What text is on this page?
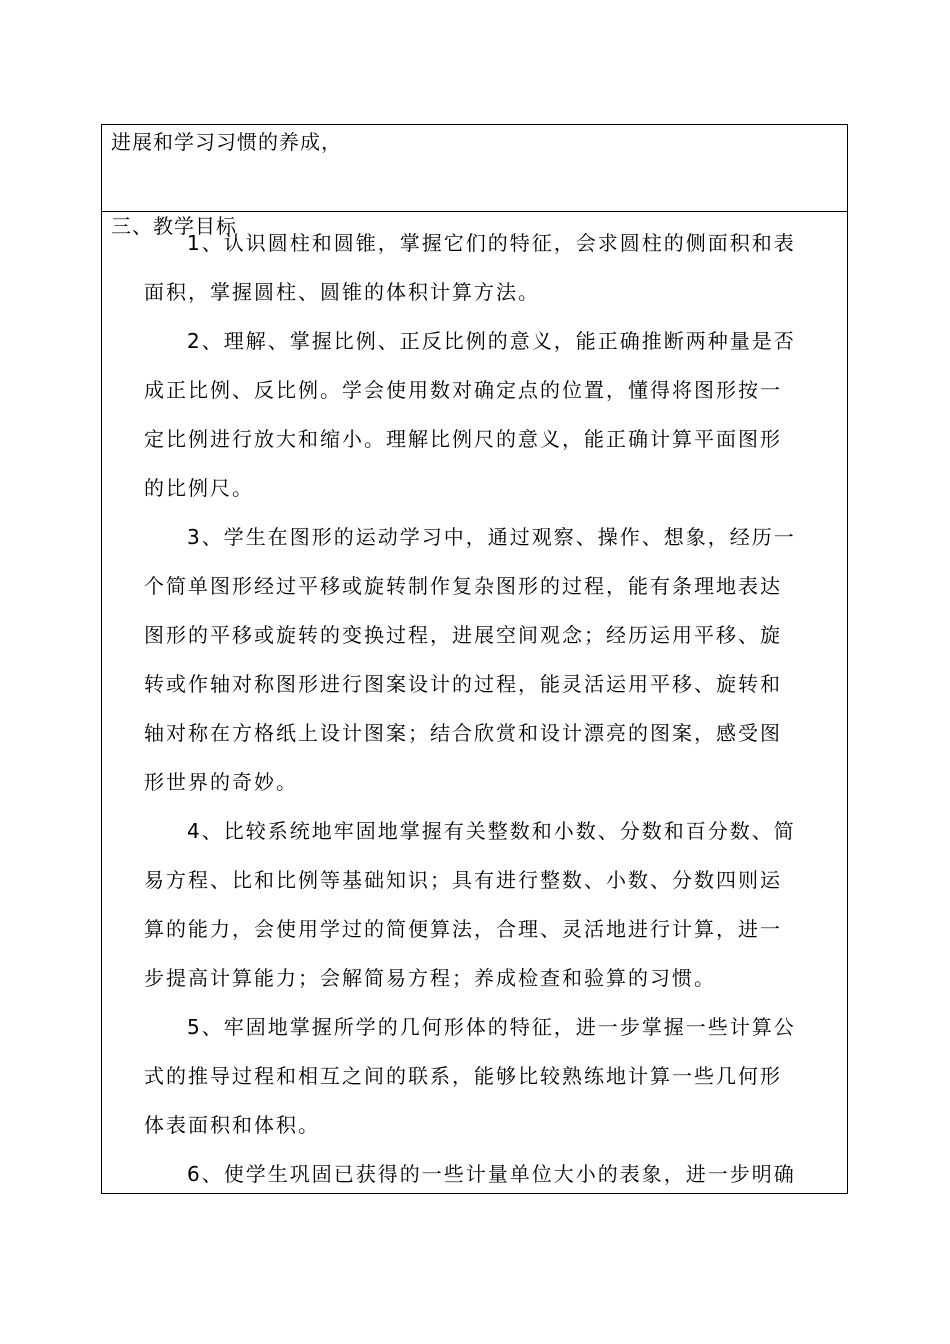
进展和学习习惯的养成，
三、教学目标
1、认识圆柱和圆锥，掌握它们的特征，会求圆柱的侧面积和表
面积，掌握圆柱、圆锥的体积计算方法。
2、理解、掌握比例、正反比例的意义，能正确推断两种量是否
成正比例、反比例。学会使用数对确定点的位置，懂得将图形按一
定比例进行放大和缩小。理解比例尺的意义，能正确计算平面图形
的比例尺。
3、学生在图形的运动学习中，通过观察、操作、想象，经历一
个简单图形经过平移或旋转制作复杂图形的过程，能有条理地表达
图形的平移或旋转的变换过程，进展空间观念；经历运用平移、旋
转或作轴对称图形进行图案设计的过程，能灵活运用平移、旋转和
轴对称在方格纸上设计图案；结合欣赏和设计漂亮的图案，感受图
形世界的奇妙。
4、比较系统地牢固地掌握有关整数和小数、分数和百分数、简
易方程、比和比例等基础知识；具有进行整数、小数、分数四则运
算的能力，会使用学过的简便算法，合理、灵活地进行计算，进一
步提高计算能力；会解简易方程；养成检查和验算的习惯。
5、牢固地掌握所学的几何形体的特征，进一步掌握一些计算公
式的推导过程和相互之间的联系，能够比较熟练地计算一些几何形
体表面积和体积。
6、使学生巩固已获得的一些计量单位大小的表象，进一步明确
